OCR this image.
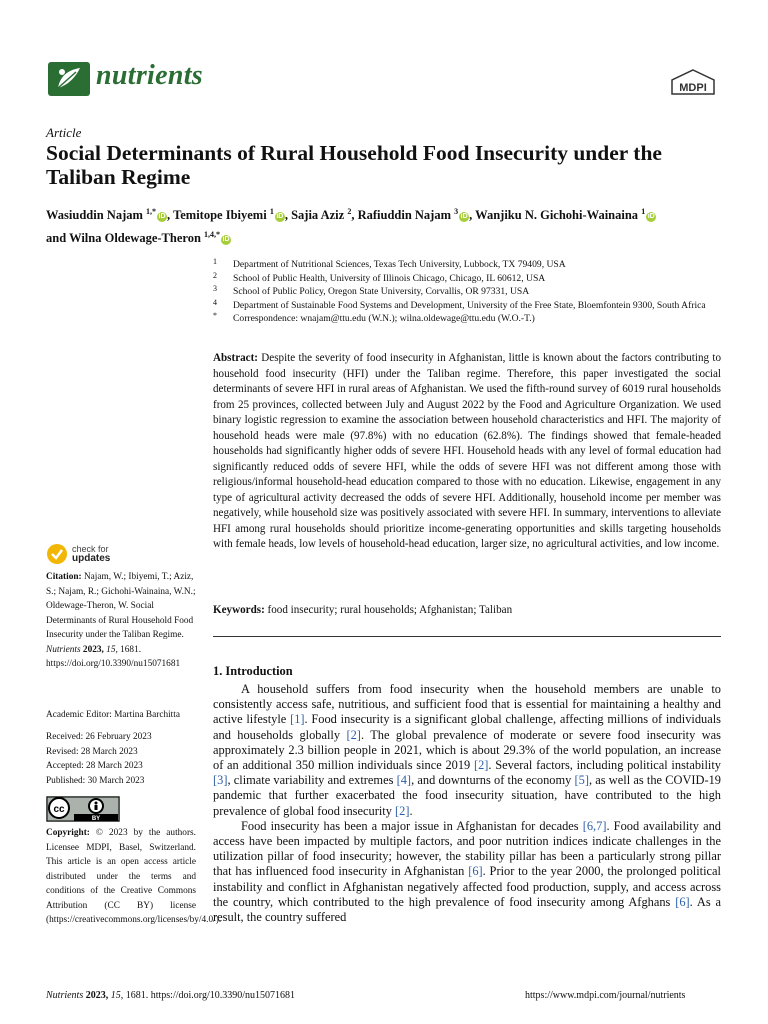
nutrients	MDPI
Article
Social Determinants of Rural Household Food Insecurity under the Taliban Regime
Wasiuddin Najam $^{1,*}$iD , Temitope Ibiyemi $^1$iD , Sajia Aziz $^2$, Rafiuddin Najam $^3$iD , Wanjiku N. Gichohi-Wainaina $^1$iD
and Wilna Oldewage-Theron $^{1,4,*}$iD
1 Department of Nutritional Sciences, Texas Tech University, Lubbock, TX 79409, USA
2 School of Public Health, University of Illinois Chicago, Chicago, IL 60612, USA
3 School of Public Policy, Oregon State University, Corvallis, OR 97331, USA
4 Department of Sustainable Food Systems and Development, University of the Free State, Bloemfontein 9300, South Africa
* Correspondence: wnajam@ttu.edu (W.N.); wilna.oldewage@ttu.edu (W.O.-T.)
check for
updates
Citation: Najam, W.; Ibiyemi, T.; Aziz, S.; Najam, R.; Gichohi-Wainaina, W.N.; Oldewage-Theron, W. Social Determinants of Rural Household Food Insecurity under the Taliban Regime. Nutrients 2023, 15, 1681. https://doi.org/10.3390/nu15071681
Academic Editor: Martina Barchitta
Received: 26 February 2023
Revised: 28 March 2023
Accepted: 28 March 2023
Published: 30 March 2023
cc
BY
Copyright: © 2023 by the authors. Licensee MDPI, Basel, Switzerland. This article is an open access article distributed under the terms and conditions of the Creative Commons Attribution (CC BY) license (https://creativecommons.org/licenses/by/4.0/).
Abstract: Despite the severity of food insecurity in Afghanistan, little is known about the factors contributing to household food insecurity (HFI) under the Taliban regime. Therefore, this paper investigated the social determinants of severe HFI in rural areas of Afghanistan. We used the fifth-round survey of 6019 rural households from 25 provinces, collected between July and August 2022 by the Food and Agriculture Organization. We used binary logistic regression to examine the association between household characteristics and HFI. The majority of household heads were male (97.8%) with no education (62.8%). The findings showed that female-headed households had significantly higher odds of severe HFI. Household heads with any level of formal education had significantly reduced odds of severe HFI, while the odds of severe HFI was not different among those with religious/informal household-head education compared to those with no education. Likewise, engagement in any type of agricultural activity decreased the odds of severe HFI. Additionally, household income per member was negatively, while household size was positively associated with severe HFI. In summary, interventions to alleviate HFI among rural households should prioritize income-generating opportunities and skills targeting households with female heads, low levels of household-head education, larger size, no agricultural activities, and low income.
Keywords: food insecurity; rural households; Afghanistan; Taliban
1. Introduction

A household suffers from food insecurity when the household members are unable to consistently access safe, nutritious, and sufficient food that is essential for maintaining a healthy and active lifestyle [1]. Food insecurity is a significant global challenge, affecting millions of individuals and households globally [2]. The global prevalence of moderate or severe food insecurity was approximately 2.3 billion people in 2021, which is about 29.3% of the world population, an increase of an additional 350 million individuals since 2019 [2]. Several factors, including political instability [3], climate variability and extremes [4], and downturns of the economy [5], as well as the COVID-19 pandemic that further exacerbated the food insecurity situation, have contributed to the high prevalence of global food insecurity [2].

Food insecurity has been a major issue in Afghanistan for decades [6,7]. Food availability and access have been impacted by multiple factors, and poor nutrition indices indicate challenges in the utilization pillar of food insecurity; however, the stability pillar has been a particularly strong pillar that has influenced food insecurity in Afghanistan [6]. Prior to the year 2000, the prolonged political instability and conflict in Afghanistan negatively affected food production, supply, and access across the country, which contributed to the high prevalence of food insecurity among Afghans [6]. As a result, the country suffered

Nutrients 2023, 15, 1681. https://doi.org/10.3390/nu15071681	https://www.mdpi.com/journal/nutrients
